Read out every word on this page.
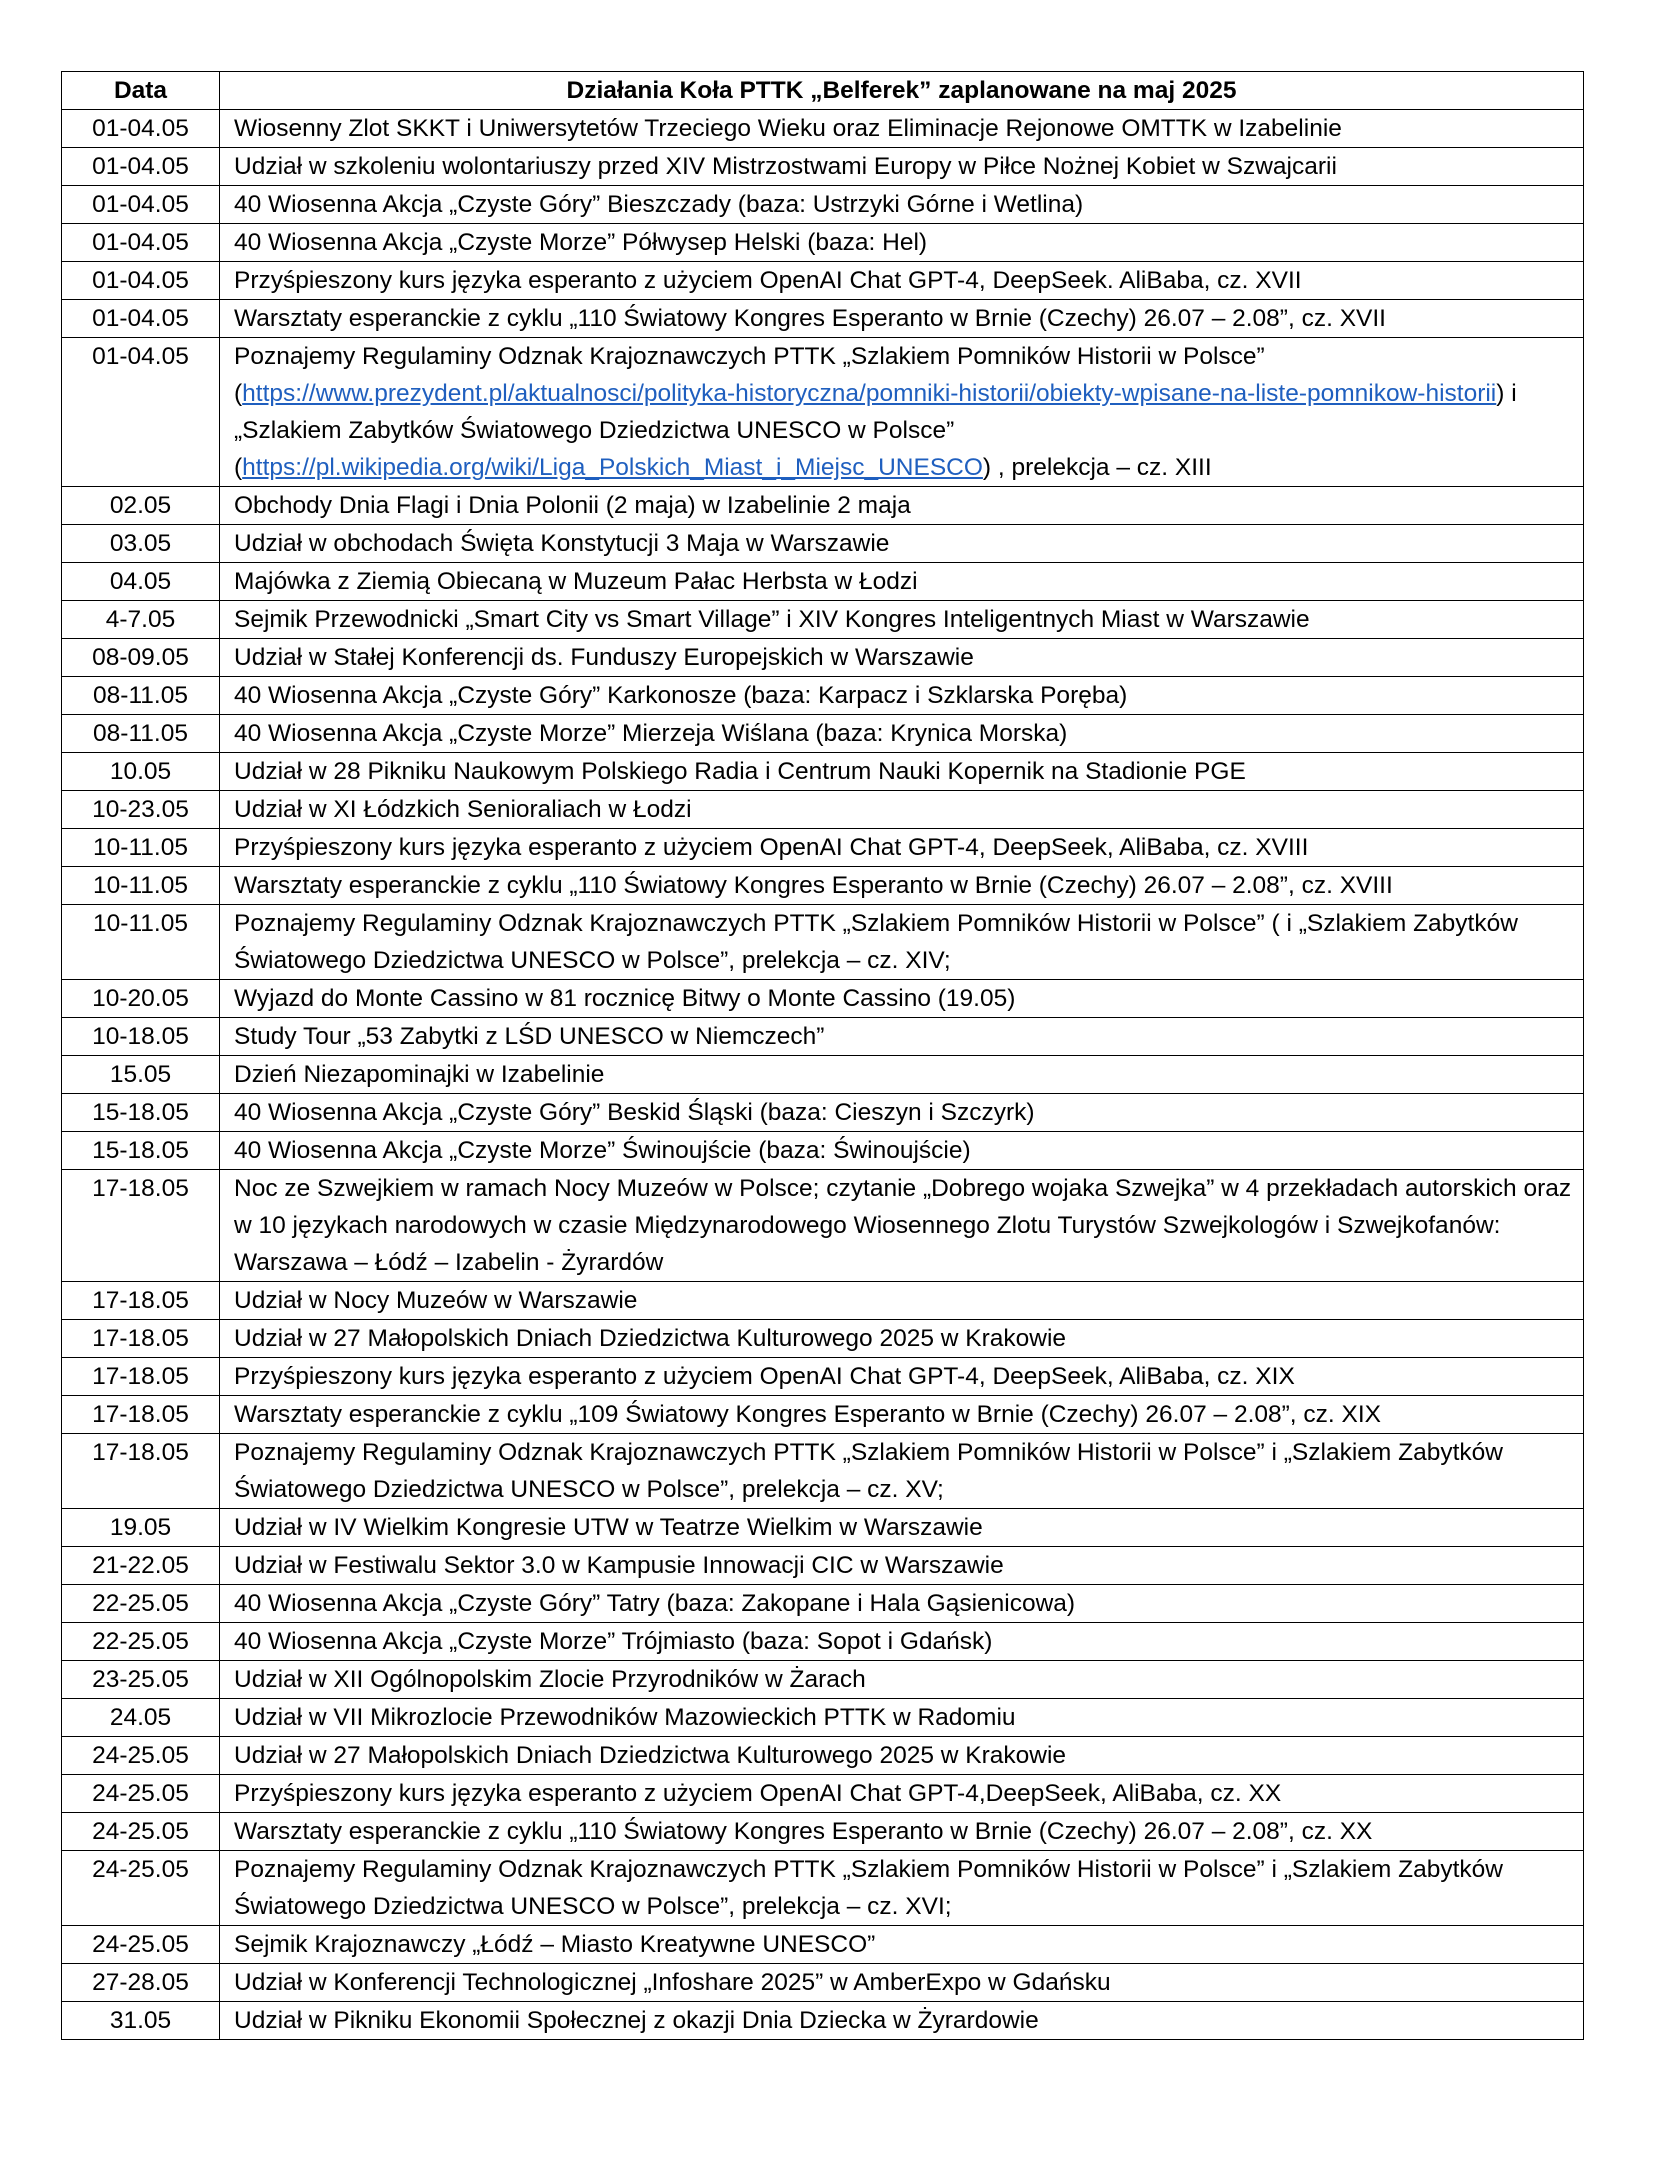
Data	Działania Koła PTTK „Belferek” zaplanowane na maj 2025
01-04.05	Wiosenny Zlot SKKT i Uniwersytetów Trzeciego Wieku oraz Eliminacje Rejonowe OMTTK w Izabelinie
01-04.05	Udział w szkoleniu wolontariuszy przed XIV Mistrzostwami Europy w Piłce Nożnej Kobiet w Szwajcarii
01-04.05	40 Wiosenna Akcja „Czyste Góry” Bieszczady (baza: Ustrzyki Górne i Wetlina)
01-04.05	40 Wiosenna Akcja „Czyste Morze” Półwysep Helski (baza: Hel)
01-04.05	Przyśpieszony kurs języka esperanto z użyciem OpenAI Chat GPT-4, DeepSeek. AliBaba, cz. XVII
01-04.05	Warsztaty esperanckie z cyklu „110 Światowy Kongres Esperanto w Brnie (Czechy) 26.07 – 2.08”, cz. XVII
01-04.05	Poznajemy Regulaminy Odznak Krajoznawczych PTTK „Szlakiem Pomników Historii w Polsce” (https://www.prezydent.pl/aktualnosci/polityka-historyczna/pomniki-historii/obiekty-wpisane-na-liste-pomnikow-historii) i „Szlakiem Zabytków Światowego Dziedzictwa UNESCO w Polsce” (https://pl.wikipedia.org/wiki/Liga_Polskich_Miast_i_Miejsc_UNESCO) , prelekcja – cz. XIII
02.05	Obchody Dnia Flagi i Dnia Polonii (2 maja) w Izabelinie 2 maja
03.05	Udział w obchodach Święta Konstytucji 3 Maja w Warszawie
04.05	Majówka z Ziemią Obiecaną w Muzeum Pałac Herbsta w Łodzi
4-7.05	Sejmik Przewodnicki „Smart City vs Smart Village” i XIV Kongres Inteligentnych Miast w Warszawie
08-09.05	Udział w Stałej Konferencji ds. Funduszy Europejskich w Warszawie
08-11.05	40 Wiosenna Akcja „Czyste Góry” Karkonosze (baza: Karpacz i Szklarska Poręba)
08-11.05	40 Wiosenna Akcja „Czyste Morze” Mierzeja Wiślana (baza: Krynica Morska)
10.05	Udział w 28 Pikniku Naukowym Polskiego Radia i Centrum Nauki Kopernik na Stadionie PGE
10-23.05	Udział w XI Łódzkich Senioraliach w Łodzi
10-11.05	Przyśpieszony kurs języka esperanto z użyciem OpenAI Chat GPT-4, DeepSeek, AliBaba, cz. XVIII
10-11.05	Warsztaty esperanckie z cyklu „110 Światowy Kongres Esperanto w Brnie (Czechy) 26.07 – 2.08”, cz. XVIII
10-11.05	Poznajemy Regulaminy Odznak Krajoznawczych PTTK „Szlakiem Pomników Historii w Polsce” ( i „Szlakiem Zabytków Światowego Dziedzictwa UNESCO w Polsce”, prelekcja – cz. XIV;
10-20.05	Wyjazd do Monte Cassino w 81 rocznicę Bitwy o Monte Cassino (19.05)
10-18.05	Study Tour „53 Zabytki z LŚD UNESCO w Niemczech”
15.05	Dzień Niezapominajki w Izabelinie
15-18.05	40 Wiosenna Akcja „Czyste Góry” Beskid Śląski (baza: Cieszyn i Szczyrk)
15-18.05	40 Wiosenna Akcja „Czyste Morze” Świnoujście (baza: Świnoujście)
17-18.05	Noc ze Szwejkiem w ramach Nocy Muzeów w Polsce; czytanie „Dobrego wojaka Szwejka” w 4 przekładach autorskich oraz w 10 językach narodowych w czasie Międzynarodowego Wiosennego Zlotu Turystów Szwejkologów i Szwejkofanów: Warszawa – Łódź – Izabelin - Żyrardów
17-18.05	Udział w Nocy Muzeów w Warszawie
17-18.05	Udział w 27 Małopolskich Dniach Dziedzictwa Kulturowego 2025 w Krakowie
17-18.05	Przyśpieszony kurs języka esperanto z użyciem OpenAI Chat GPT-4, DeepSeek, AliBaba, cz. XIX
17-18.05	Warsztaty esperanckie z cyklu „109 Światowy Kongres Esperanto w Brnie (Czechy) 26.07 – 2.08”, cz. XIX
17-18.05	Poznajemy Regulaminy Odznak Krajoznawczych PTTK „Szlakiem Pomników Historii w Polsce” i „Szlakiem Zabytków Światowego Dziedzictwa UNESCO w Polsce”, prelekcja – cz. XV;
19.05	Udział w IV Wielkim Kongresie UTW w Teatrze Wielkim w Warszawie
21-22.05	Udział w Festiwalu Sektor 3.0 w Kampusie Innowacji CIC w Warszawie
22-25.05	40 Wiosenna Akcja „Czyste Góry” Tatry (baza: Zakopane i Hala Gąsienicowa)
22-25.05	40 Wiosenna Akcja „Czyste Morze” Trójmiasto (baza: Sopot i Gdańsk)
23-25.05	Udział w XII Ogólnopolskim Zlocie Przyrodników w Żarach
24.05	Udział w VII Mikrozlocie Przewodników Mazowieckich PTTK w Radomiu
24-25.05	Udział w 27 Małopolskich Dniach Dziedzictwa Kulturowego 2025 w Krakowie
24-25.05	Przyśpieszony kurs języka esperanto z użyciem OpenAI Chat GPT-4,DeepSeek, AliBaba, cz. XX
24-25.05	Warsztaty esperanckie z cyklu „110 Światowy Kongres Esperanto w Brnie (Czechy) 26.07 – 2.08”, cz. XX
24-25.05	Poznajemy Regulaminy Odznak Krajoznawczych PTTK „Szlakiem Pomników Historii w Polsce” i „Szlakiem Zabytków Światowego Dziedzictwa UNESCO w Polsce”, prelekcja – cz. XVI;
24-25.05	Sejmik Krajoznawczy „Łódź – Miasto Kreatywne UNESCO”
27-28.05	Udział w Konferencji Technologicznej „Infoshare 2025” w AmberExpo w Gdańsku
31.05	Udział w Pikniku Ekonomii Społecznej z okazji Dnia Dziecka w Żyrardowie
